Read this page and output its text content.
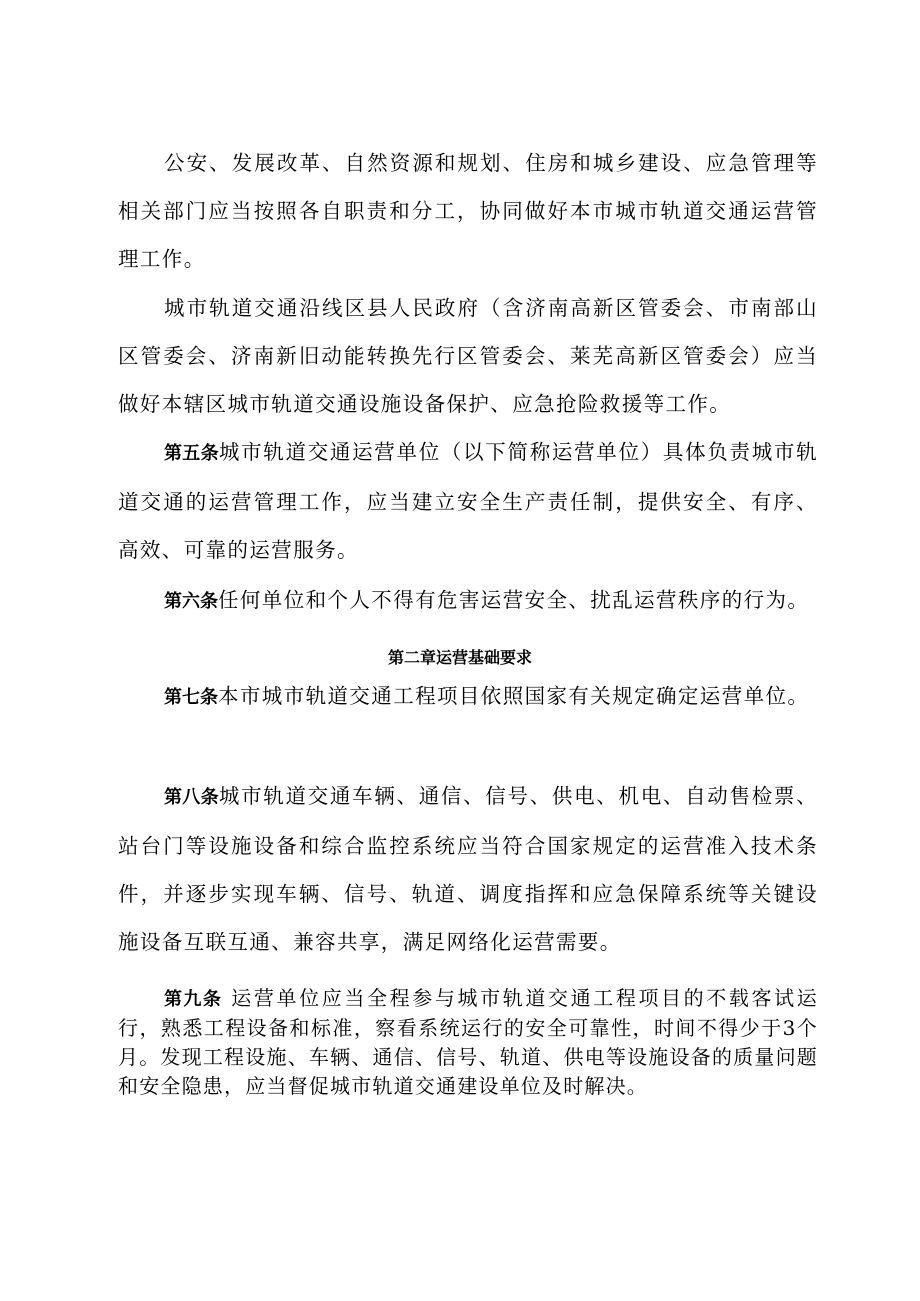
公安、发展改革、自然资源和规划、住房和城乡建设、应急管理等相关部门应当按照各自职责和分工，协同做好本市城市轨道交通运营管理工作。

城市轨道交通沿线区县人民政府（含济南高新区管委会、市南部山区管委会、济南新旧动能转换先行区管委会、莱芜高新区管委会）应当做好本辖区城市轨道交通设施设备保护、应急抢险救援等工作。

第五条城市轨道交通运营单位（以下简称运营单位）具体负责城市轨道交通的运营管理工作，应当建立安全生产责任制，提供安全、有序、高效、可靠的运营服务。

第六条任何单位和个人不得有危害运营安全、扰乱运营秩序的行为。

第二章运营基础要求

第七条本市城市轨道交通工程项目依照国家有关规定确定运营单位。

第八条城市轨道交通车辆、通信、信号、供电、机电、自动售检票、站台门等设施设备和综合监控系统应当符合国家规定的运营准入技术条件，并逐步实现车辆、信号、轨道、调度指挥和应急保障系统等关键设施设备互联互通、兼容共享，满足网络化运营需要。

第九条 运营单位应当全程参与城市轨道交通工程项目的不载客试运行，熟悉工程设备和标准，察看系统运行的安全可靠性，时间不得少于3个月。发现工程设施、车辆、通信、信号、轨道、供电等设施设备的质量问题和安全隐患，应当督促城市轨道交通建设单位及时解决。
